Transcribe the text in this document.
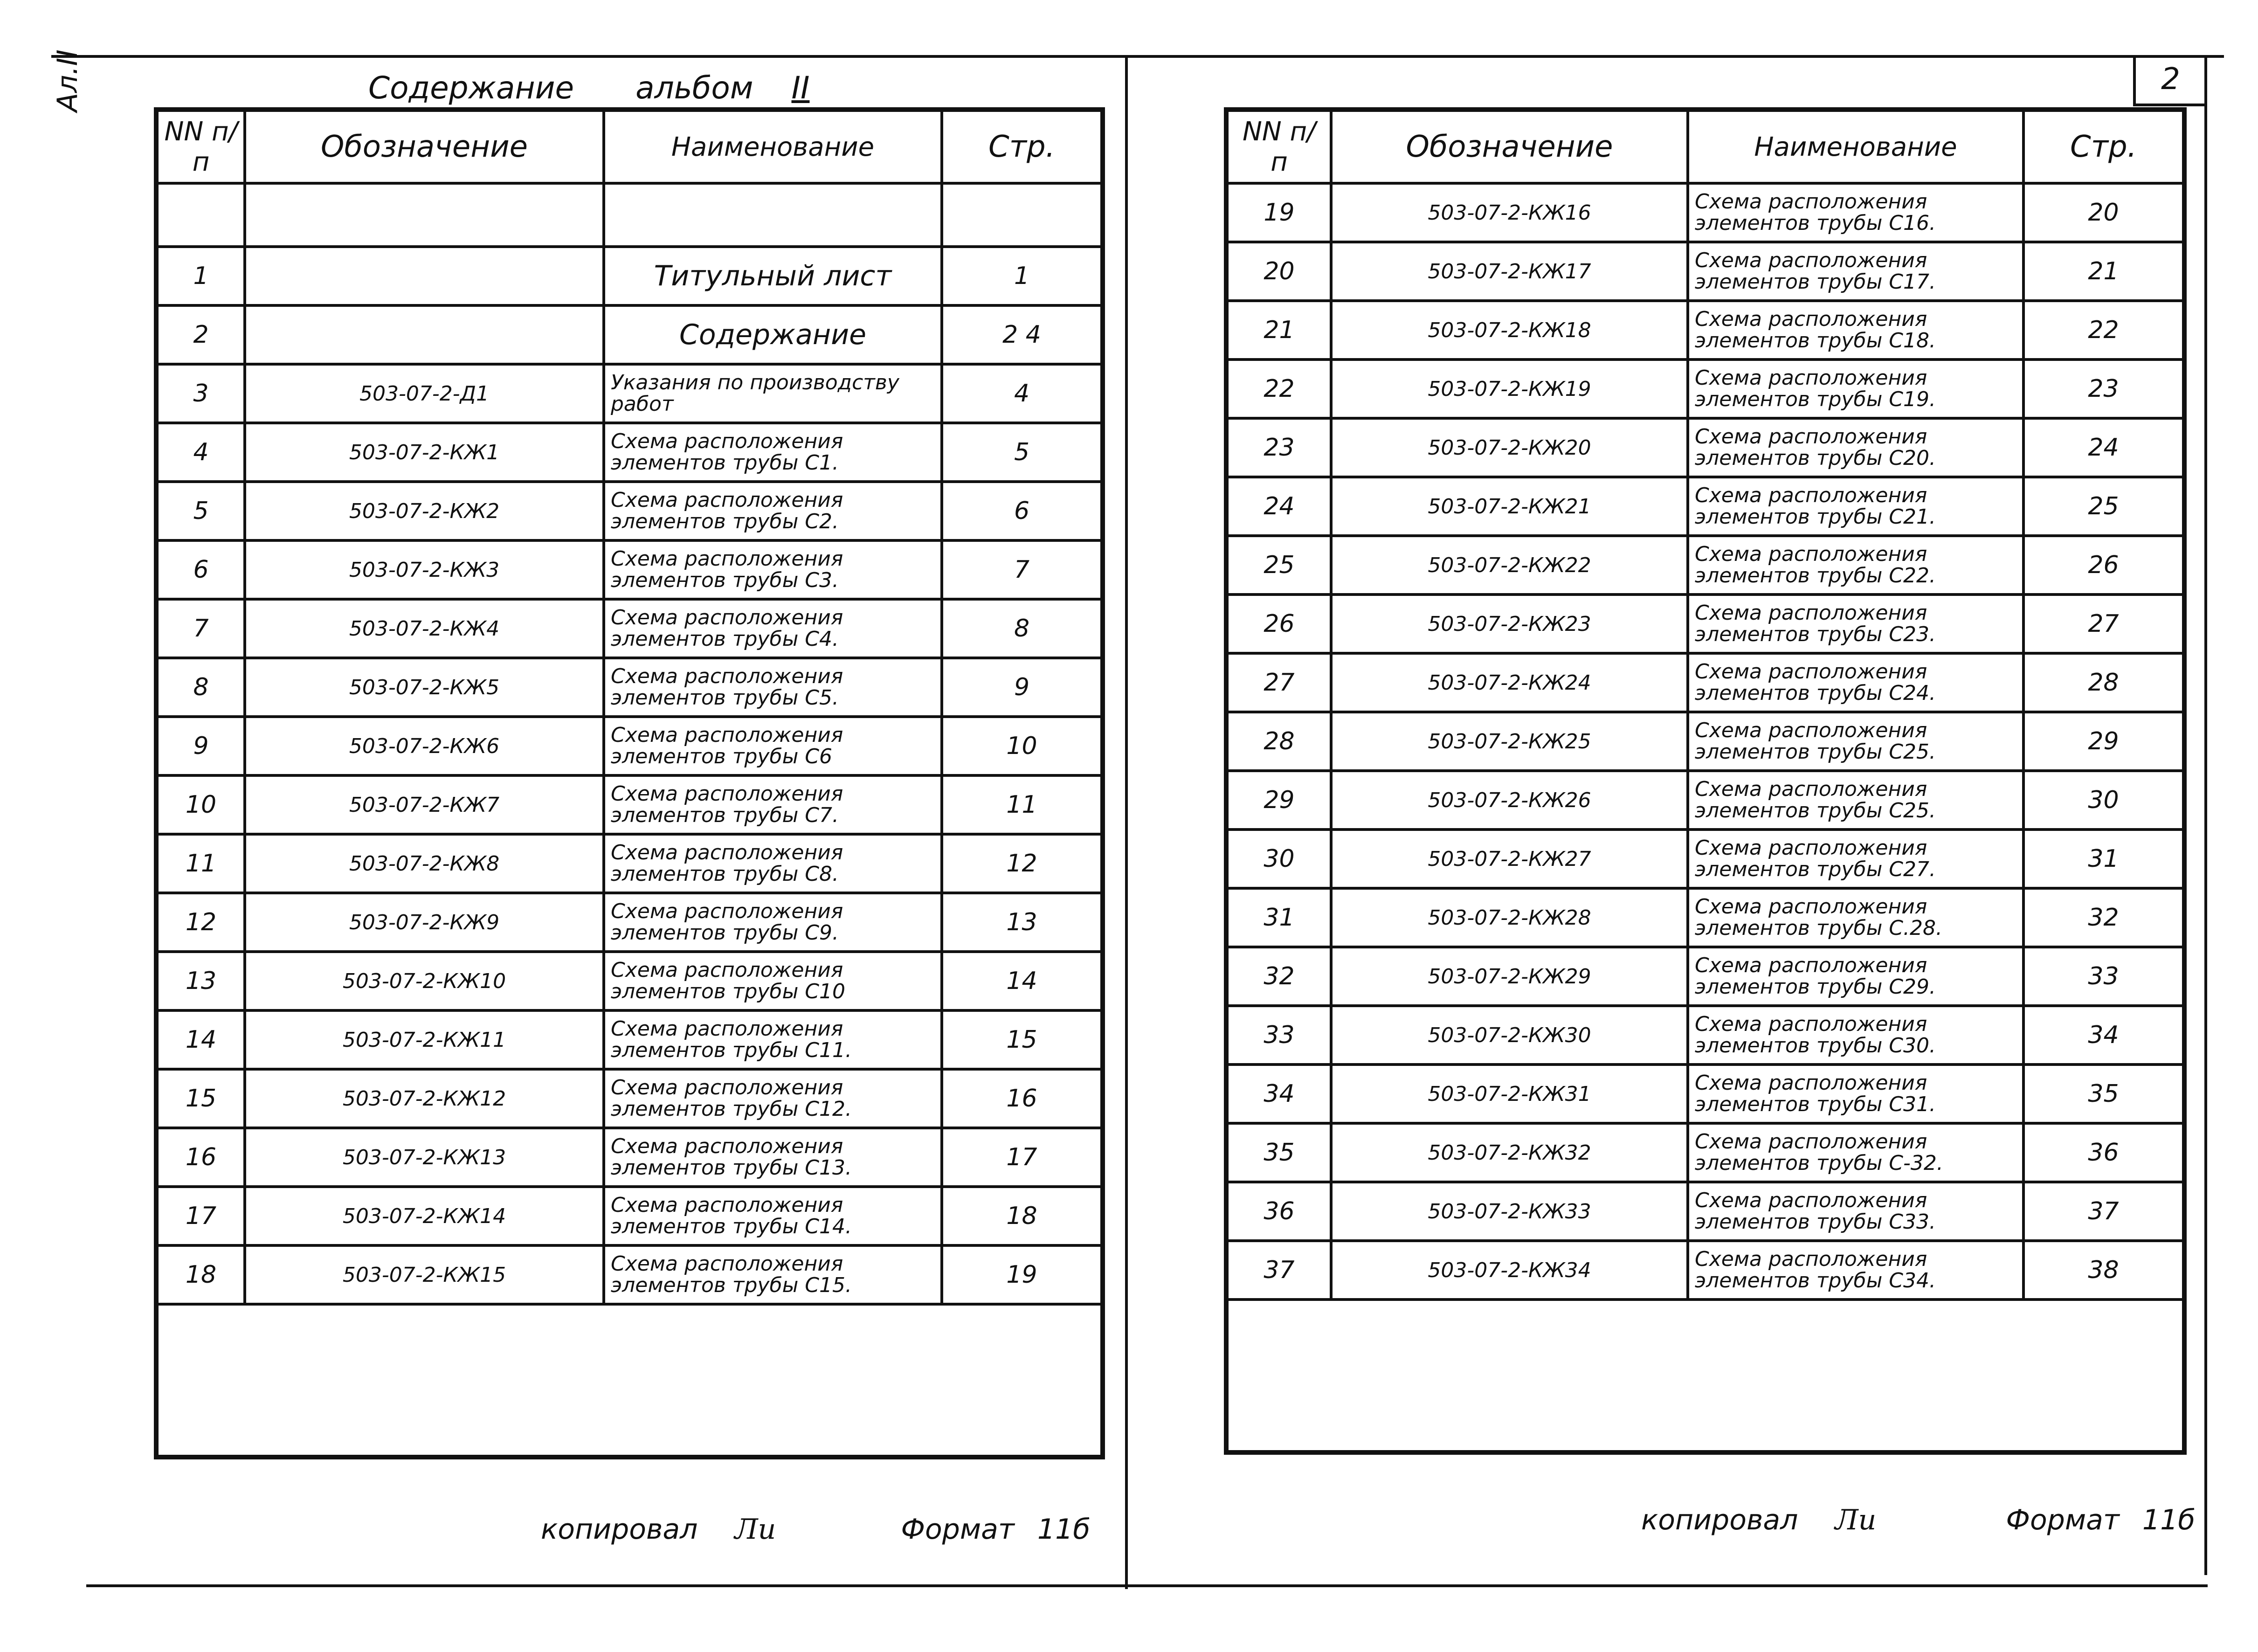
Ал.II	Содержание альбом II	2
NN п/п	Обозначение	Наименование	Стр.

1		Титульный лист	1
2		Содержание	2 4
3	503-07-2-Д1	Указания по производству работ	4
4	503-07-2-КЖ1	Схема расположения элементов трубы С1.	5
5	503-07-2-КЖ2	Схема расположения элементов трубы С2.	6
6	503-07-2-КЖ3	Схема расположения элементов трубы С3.	7
7	503-07-2-КЖ4	Схема расположения элементов трубы С4.	8
8	503-07-2-КЖ5	Схема расположения элементов трубы С5.	9
9	503-07-2-КЖ6	Схема расположения элементов трубы С6	10
10	503-07-2-КЖ7	Схема расположения элементов трубы С7.	11
11	503-07-2-КЖ8	Схема расположения элементов трубы С8.	12
12	503-07-2-КЖ9	Схема расположения элементов трубы С9.	13
13	503-07-2-КЖ10	Схема расположения элементов трубы С10	14
14	503-07-2-КЖ11	Схема расположения элементов трубы С11.	15
15	503-07-2-КЖ12	Схема расположения элементов трубы С12.	16
16	503-07-2-КЖ13	Схема расположения элементов трубы С13.	17
17	503-07-2-КЖ14	Схема расположения элементов трубы С14.	18
18	503-07-2-КЖ15	Схема расположения элементов трубы С15.	19

NN п/п	Обозначение	Наименование	Стр.
19	503-07-2-КЖ16	Схема расположения элементов трубы С16.	20
20	503-07-2-КЖ17	Схема расположения элементов трубы С17.	21
21	503-07-2-КЖ18	Схема расположения элементов трубы С18.	22
22	503-07-2-КЖ19	Схема расположения элементов трубы С19.	23
23	503-07-2-КЖ20	Схема расположения элементов трубы С20.	24
24	503-07-2-КЖ21	Схема расположения элементов трубы С21.	25
25	503-07-2-КЖ22	Схема расположения элементов трубы С22.	26
26	503-07-2-КЖ23	Схема расположения элементов трубы С23.	27
27	503-07-2-КЖ24	Схема расположения элементов трубы С24.	28
28	503-07-2-КЖ25	Схема расположения элементов трубы С25.	29
29	503-07-2-КЖ26	Схема расположения элементов трубы С25.	30
30	503-07-2-КЖ27	Схема расположения элементов трубы С27.	31
31	503-07-2-КЖ28	Схема расположения элементов трубы С.28.	32
32	503-07-2-КЖ29	Схема расположения элементов трубы С29.	33
33	503-07-2-КЖ30	Схема расположения элементов трубы С30.	34
34	503-07-2-КЖ31	Схема расположения элементов трубы С31.	35
35	503-07-2-КЖ32	Схема расположения элементов трубы С-32.	36
36	503-07-2-КЖ33	Схема расположения элементов трубы С33.	37
37	503-07-2-КЖ34	Схема расположения элементов трубы С34.	38

копировал Ли	Формат 11б	копировал Ли	Формат 11б
